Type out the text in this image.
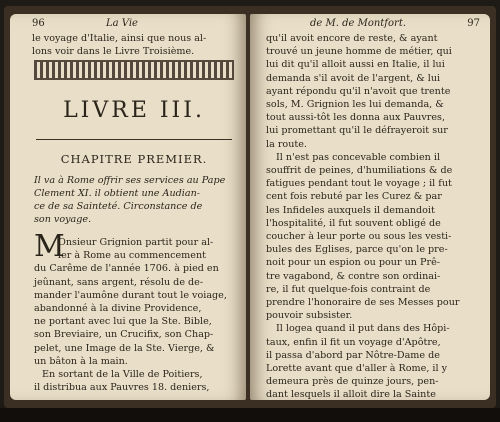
96	La Vie
le voyage d'Italie, ainsi que nous al-
lons voir dans le Livre Troisième.
LIVRE III.
CHAPITRE PREMIER.
Il va à Rome offrir ses services au Pape
Clement XI. il obtient une Audian-
ce de sa Sainteté. Circonstance de
son voyage.
M
Onsieur Grignion partit pour al-
ler à Rome au commencement
du Carême de l'année 1706. à pied en
jeûnant, sans argent, résolu de de-
mander l'aumône durant tout le voiage,
abandonné à la divine Providence,
ne portant avec lui que la Ste. Bible,
son Breviaire, un Crucifix, son Chap-
pelet, une Image de la Ste. Vierge, &
un bâton à la main.
En sortant de la Ville de Poitiers,
il distribua aux Pauvres 18. deniers,
de M. de Montfort.	97
qu'il avoit encore de reste, & ayant
trouvé un jeune homme de métier, qui
lui dit qu'il alloit aussi en Italie, il lui
demanda s'il avoit de l'argent, & lui
ayant répondu qu'il n'avoit que trente
sols, M. Grignion les lui demanda, &
tout aussi-tôt les donna aux Pauvres,
lui promettant qu'il le défrayeroit sur
la route.
Il n'est pas concevable combien il
souffrit de peines, d'humiliations & de
fatigues pendant tout le voyage ; il fut
cent fois rebuté par les Curez & par
les Infideles auxquels il demandoit
l'hospitalité, il fut souvent obligé de
coucher à leur porte ou sous les vesti-
bules des Eglises, parce qu'on le pre-
noit pour un espion ou pour un Prê-
tre vagabond, & contre son ordinai-
re, il fut quelque-fois contraint de
prendre l'honoraire de ses Messes pour
pouvoir subsister.
Il logea quand il put dans des Hôpi-
taux, enfin il fit un voyage d'Apôtre,
il passa d'abord par Nôtre-Dame de
Lorette avant que d'aller à Rome, il y
demeura près de quinze jours, pen-
dant lesquels il alloit dire la Sainte
